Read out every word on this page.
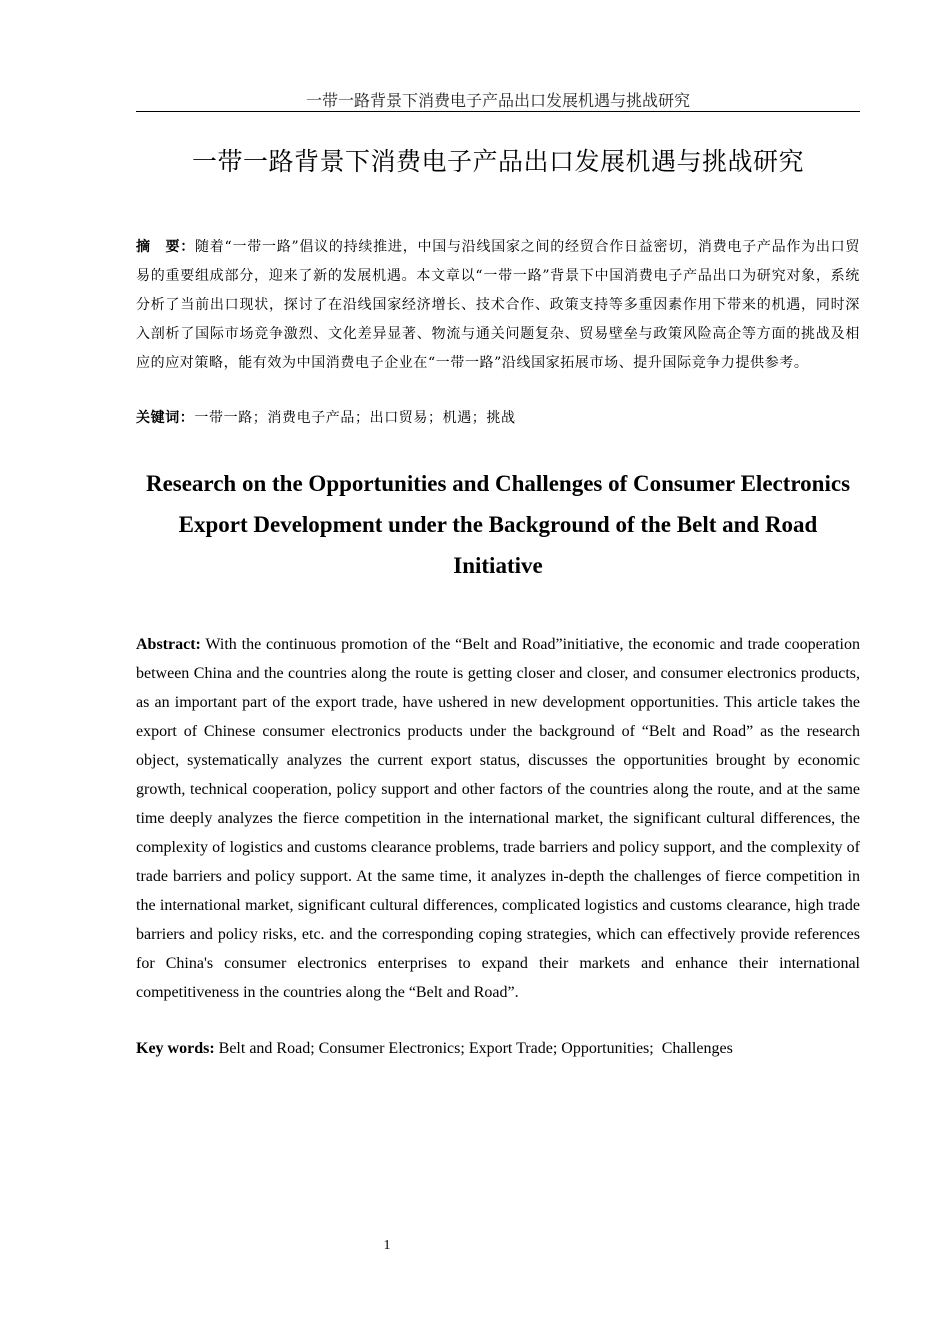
一带一路背景下消费电子产品出口发展机遇与挑战研究
一带一路背景下消费电子产品出口发展机遇与挑战研究
摘　要：随着“一带一路”倡议的持续推进，中国与沿线国家之间的经贸合作日益密切，消费电子产品作为出口贸易的重要组成部分，迎来了新的发展机遇。本文章以“一带一路”背景下中国消费电子产品出口为研究对象，系统分析了当前出口现状，探讨了在沿线国家经济增长、技术合作、政策支持等多重因素作用下带来的机遇，同时深入剖析了国际市场竞争激烈、文化差异显著、物流与通关问题复杂、贸易壁垒与政策风险高企等方面的挑战及相应的应对策略，能有效为中国消费电子企业在“一带一路”沿线国家拓展市场、提升国际竞争力提供参考。
关键词：一带一路；消费电子产品；出口贸易；机遇；挑战
Research on the Opportunities and Challenges of Consumer Electronics Export Development under the Background of the Belt and Road Initiative
Abstract: With the continuous promotion of the “Belt and Road”initiative, the economic and trade cooperation between China and the countries along the route is getting closer and closer, and consumer electronics products, as an important part of the export trade, have ushered in new development opportunities. This article takes the export of Chinese consumer electronics products under the background of “Belt and Road” as the research object, systematically analyzes the current export status, discusses the opportunities brought by economic growth, technical cooperation, policy support and other factors of the countries along the route, and at the same time deeply analyzes the fierce competition in the international market, the significant cultural differences, the complexity of logistics and customs clearance problems, trade barriers and policy support, and the complexity of trade barriers and policy support. At the same time, it analyzes in-depth the challenges of fierce competition in the international market, significant cultural differences, complicated logistics and customs clearance, high trade barriers and policy risks, etc. and the corresponding coping strategies, which can effectively provide references for China's consumer electronics enterprises to expand their markets and enhance their international competitiveness in the countries along the “Belt and Road”.
Key words: Belt and Road; Consumer Electronics; Export Trade; Opportunities;  Challenges
1
